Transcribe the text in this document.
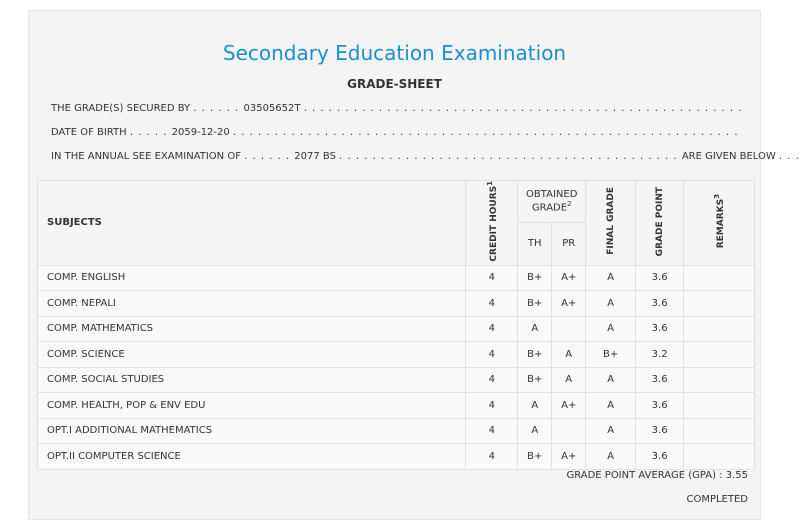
Secondary Education Examination
GRADE-SHEET
THE GRADE(S) SECURED BY . . . . . . 03505652T . . . . . . . . . . . . . . . . . . . . . . . . . . . . . . . . . . . . . . . . . . . . . . . . . . . . .
DATE OF BIRTH . . . . . 2059-12-20 . . . . . . . . . . . . . . . . . . . . . . . . . . . . . . . . . . . . . . . . . . . . . . . . . . . . . . . . . . . . .
IN THE ANNUAL SEE EXAMINATION OF . . . . . . 2077 BS . . . . . . . . . . . . . . . . . . . . . . . . . . . . . . . . . . . . . . . . . ARE GIVEN BELOW . . .
SUBJECTS	CREDIT HOURS$^1$	OBTAINED GRADE$^2$		FINAL GRADE	GRADE POINT	REMARKS$^3$
		TH	PR			
COMP. ENGLISH	4	B+	A+	A	3.6	
COMP. NEPALI	4	B+	A+	A	3.6	
COMP. MATHEMATICS	4	A		A	3.6	
COMP. SCIENCE	4	B+	A	B+	3.2	
COMP. SOCIAL STUDIES	4	B+	A	A	3.6	
COMP. HEALTH, POP & ENV EDU	4	A	A+	A	3.6	
OPT.I ADDITIONAL MATHEMATICS	4	A		A	3.6	
OPT.II COMPUTER SCIENCE	4	B+	A+	A	3.6	
GRADE POINT AVERAGE (GPA) : 3.55
COMPLETED
